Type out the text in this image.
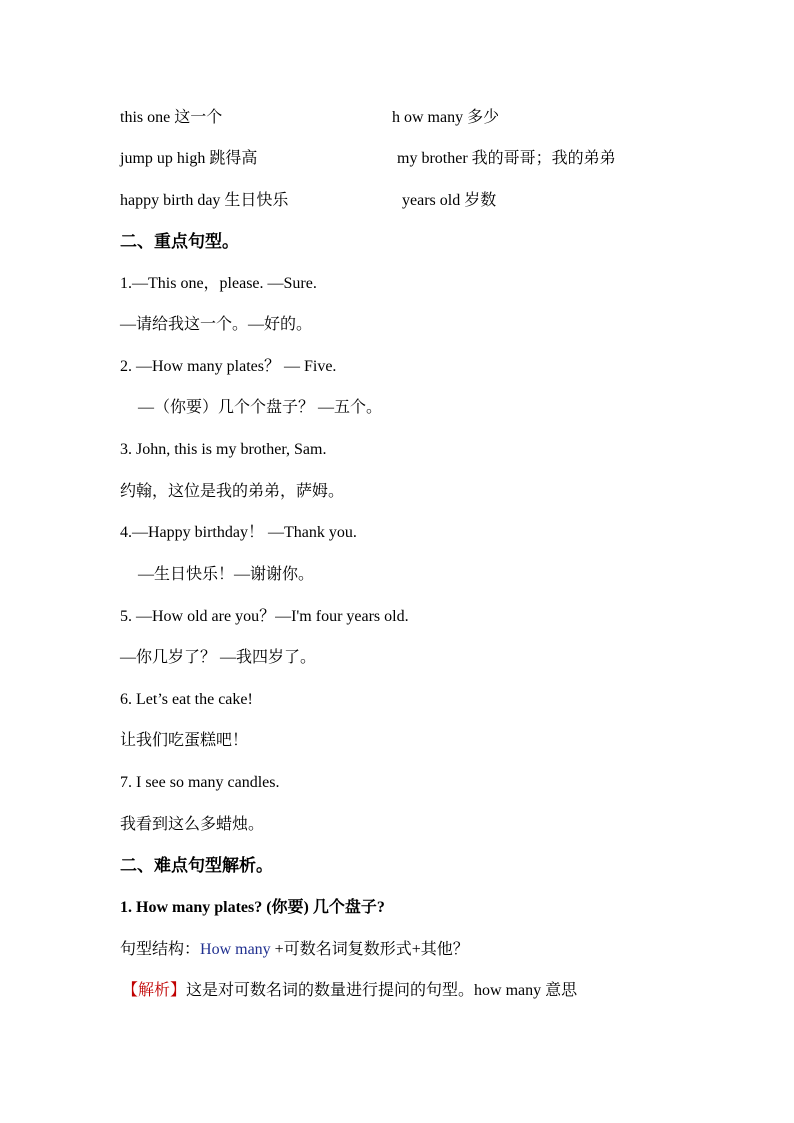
this one 这一个	h ow many 多少
jump up high 跳得高	my brother 我的哥哥；我的弟弟
happy birth day 生日快乐	years old 岁数
二、重点句型。
1.—This one，please. —Sure.
—请给我这一个。—好的。
2. —How many plates？ — Five.
—（你要）几个个盘子？ —五个。
3. John, this is my brother, Sam.
约翰，这位是我的弟弟，萨姆。
4.—Happy birthday！ —Thank you.
—生日快乐！—谢谢你。
5. —How old are you？—I'm four years old.
—你几岁了？ —我四岁了。
6. Let’s eat the cake!
让我们吃蛋糕吧！
7. I see so many candles.
我看到这么多蜡烛。
二、难点句型解析。
1. How many plates? (你要) 几个盘子?
句型结构：How many +可数名词复数形式+其他？
【解析】这是对可数名词的数量进行提问的句型。how many 意思
